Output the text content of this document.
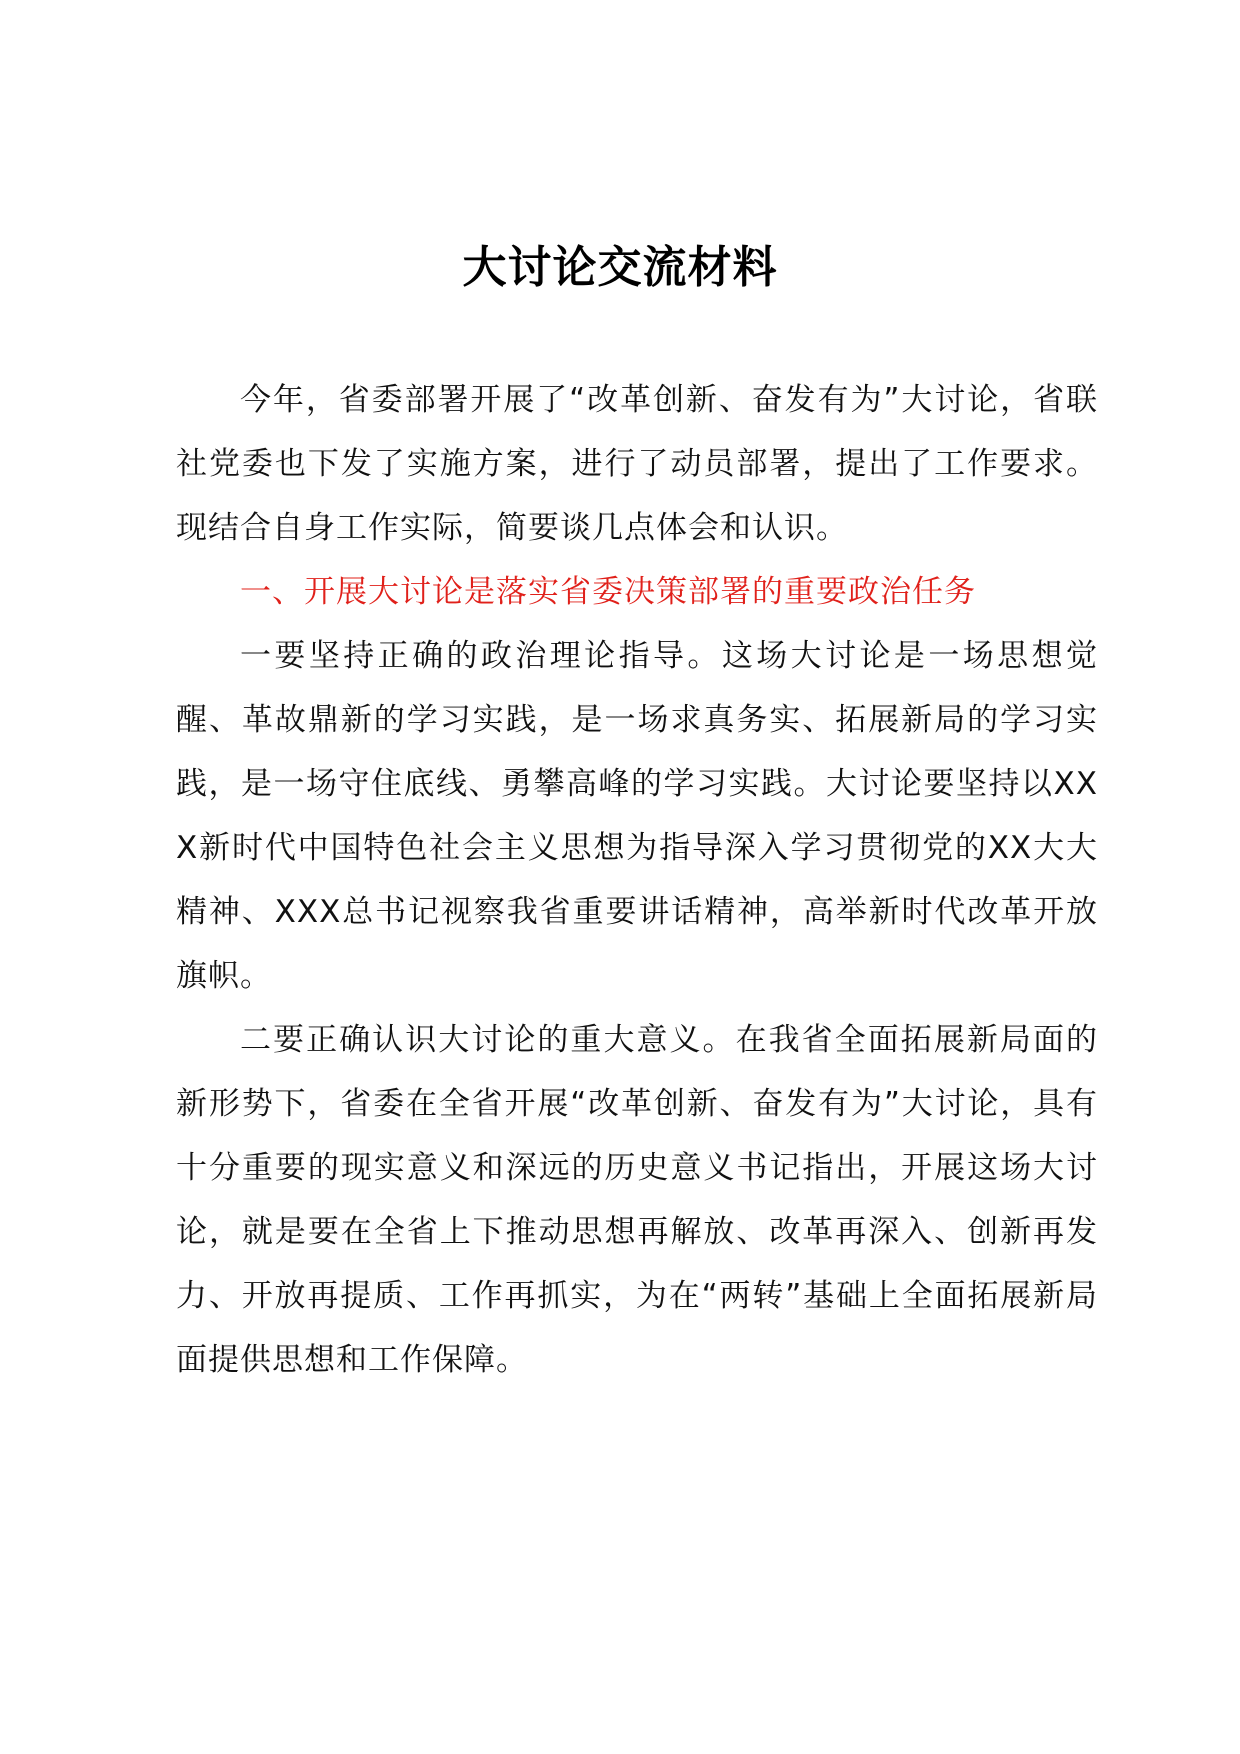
大讨论交流材料

今年，省委部署开展了“改革创新、奋发有为”大讨论，省联社党委也下发了实施方案，进行了动员部署，提出了工作要求。现结合自身工作实际，简要谈几点体会和认识。

一、开展大讨论是落实省委决策部署的重要政治任务

一要坚持正确的政治理论指导。这场大讨论是一场思想觉醒、革故鼎新的学习实践，是一场求真务实、拓展新局的学习实践，是一场守住底线、勇攀高峰的学习实践。大讨论要坚持以XXX新时代中国特色社会主义思想为指导深入学习贯彻党的XX大大精神、XXX总书记视察我省重要讲话精神，高举新时代改革开放旗帜。

二要正确认识大讨论的重大意义。在我省全面拓展新局面的新形势下，省委在全省开展“改革创新、奋发有为”大讨论，具有十分重要的现实意义和深远的历史意义书记指出，开展这场大讨论，就是要在全省上下推动思想再解放、改革再深入、创新再发力、开放再提质、工作再抓实，为在“两转”基础上全面拓展新局面提供思想和工作保障。
